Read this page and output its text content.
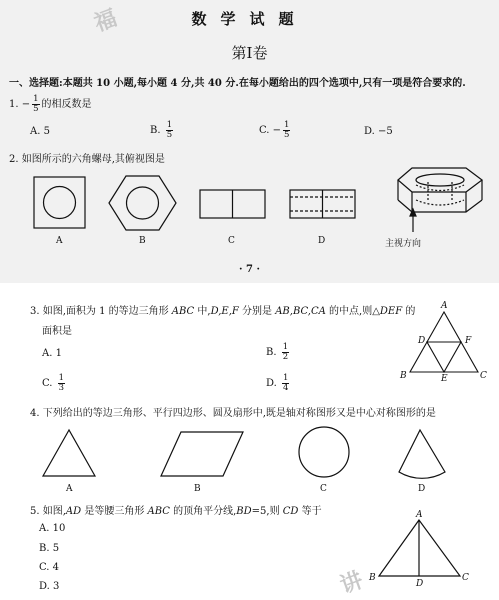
福
讲
数学试题
第Ⅰ卷
一、选择题:本题共 10 小题,每小题 4 分,共 40 分.在每小题给出的四个选项中,只有一项是符合要求的.
1. − $\frac{1}{5}$ 的相反数是
A. 5	B. $\frac{1}{5}$	C. − $\frac{1}{5}$	D. −5
2. 如图所示的六角螺母,其俯视图是
A	B	C	D	主视方向
· 7 ·
3. 如图,面积为 1 的等边三角形 ABC 中,D,E,F 分别是 AB,BC,CA 的中点,则△DEF 的
面积是
A. 1	B. $\frac{1}{2}$
C. $\frac{1}{3}$	D. $\frac{1}{4}$
A
D	F
B	E	C
4. 下列给出的等边三角形、平行四边形、圆及扇形中,既是轴对称图形又是中心对称图形的是
A	B	C	D
5. 如图,AD 是等腰三角形 ABC 的顶角平分线,BD=5,则 CD 等于
A. 10
B. 5
C. 4
D. 3
A
B
D
C
